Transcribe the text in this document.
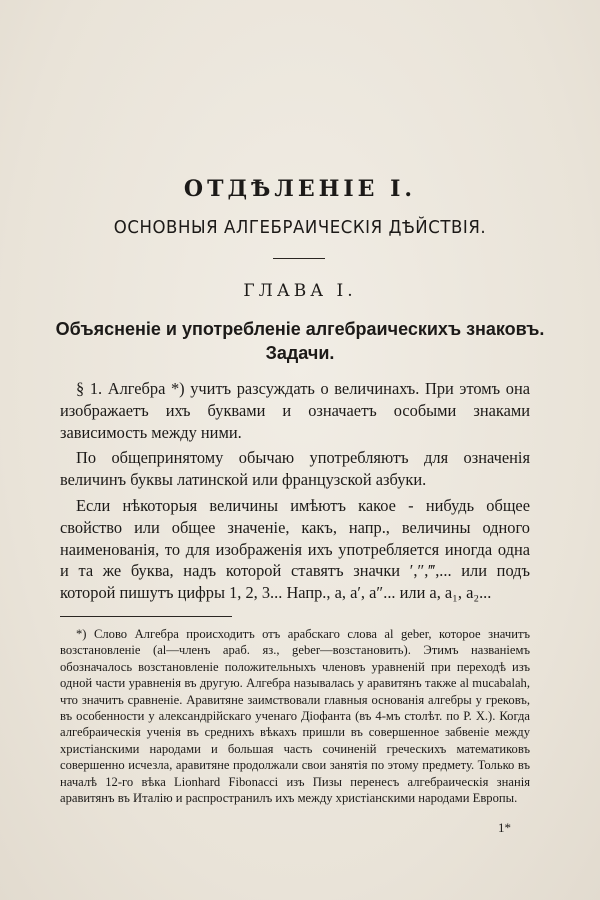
ОТДѢЛЕНІЕ I.
ОСНОВНЫЯ АЛГЕБРАИЧЕСКІЯ ДѢЙСТВІЯ.
ГЛАВА I.
Объясненіе и употребленіе алгебраическихъ знаковъ. Задачи.

§ 1. Алгебра *) учитъ разсуждать о величинахъ. При этомъ она изображаетъ ихъ буквами и означаетъ особыми знаками зависимость между ними.

По общепринятому обычаю употребляютъ для означенія величинъ буквы латинской или французской азбуки.

Если нѣкоторыя величины имѣютъ какое - нибудь общее свойство или общее значеніе, какъ, напр., величины одного наименованія, то для изображенія ихъ употребляется иногда одна и та же буква, надъ которой ставятъ значки ′,″,‴,... или подъ которой пишутъ цифры 1, 2, 3... Напр., a, a′, a″... или a, a₁, a₂...

*) Слово Алгебра происходитъ отъ арабскаго слова al geber, которое значитъ возстановленіе (al—членъ араб. яз., geber—возстановить). Этимъ названіемъ обозначалось возстановленіе положительныхъ членовъ уравненій при переходѣ изъ одной части уравненія въ другую. Алгебра называлась у аравитянъ также al mucabalah, что значитъ сравненіе. Аравитяне заимствовали главныя основанія алгебры у грековъ, въ особенности у александрійскаго ученаго Діофанта (въ 4-мъ столѣт. по Р. Х.). Когда алгебраическія ученія въ среднихъ вѣкахъ пришли въ совершенное забвеніе между христіанскими народами и большая часть сочиненій греческихъ математиковъ совершенно исчезла, аравитяне продолжали свои занятія по этому предмету. Только въ началѣ 12-го вѣка Lionhard Fibonacci изъ Пизы перенесъ алгебраическія знанія аравитянъ въ Италію и распространилъ ихъ между христіанскими народами Европы.

1*
